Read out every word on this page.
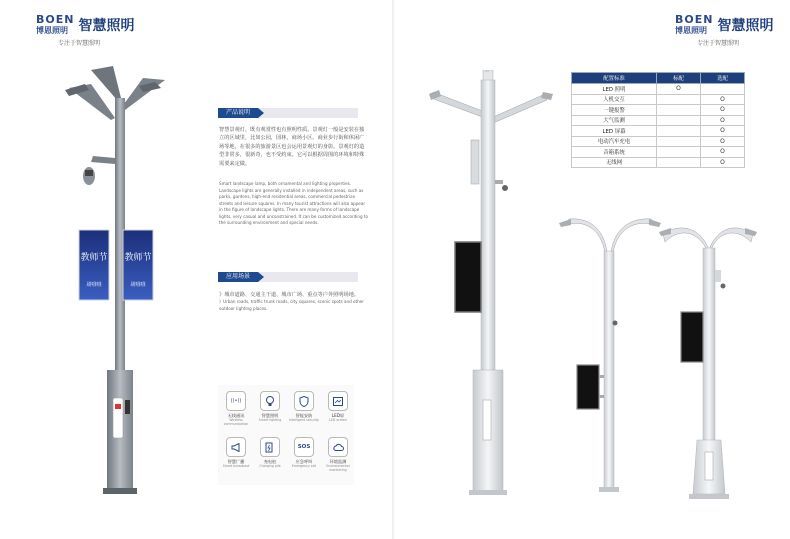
BOEN
博恩照明 智慧照明
专注于智慧照明
教师节 教师节
刷哦哦	刷哦哦
产品说明
智慧景观灯，既有观赏性也有照明性质。景观灯一般是安装在独立的区域里，比如公园，园林，商场小区。商业步行街和休闲广场等地，在很多的旅游景区也会运用景观灯的身影。景观灯的造型非常多，很新奇，也不受约束。它可以根据周围的环境和特殊需要来定做。
Smart landscape lamp, both ornamental and lighting properties. Landscape lights are generally installed in independent areas, such as parks, gardens, high-end residential areas, commercial pedestrian streets and leisure squares. In many tourist attractions will also appear in the figure of landscape lights. There are many forms of landscape lights, very casual and unconstrained. It can be customized according to the surrounding environment and special needs.
应用场景
》城市道路、交通主干道、城市广场、重点等户外照明场地。
》Urban roads, traffic trunk roads, city squares, scenic spots and other outdoor lighting places.
((•))
无线通讯
Wireless communication
智慧照明
Smart lighting
智能安防
Intelligent security
LED屏
LED screen
智慧广播
Smart broadcast
充电桩
Charging pile
SOS
应急呼叫
Emergency call
环境监测
Environmental monitoring
BOEN
博恩照明 智慧照明
专注于智慧照明
配置标准	标配	选配
LED 照明	O	
人机交互		O
一键报警		O
大气监测		O
LED 屏幕		O
电动汽车充电		O
音箱系统		O
无线网		O
